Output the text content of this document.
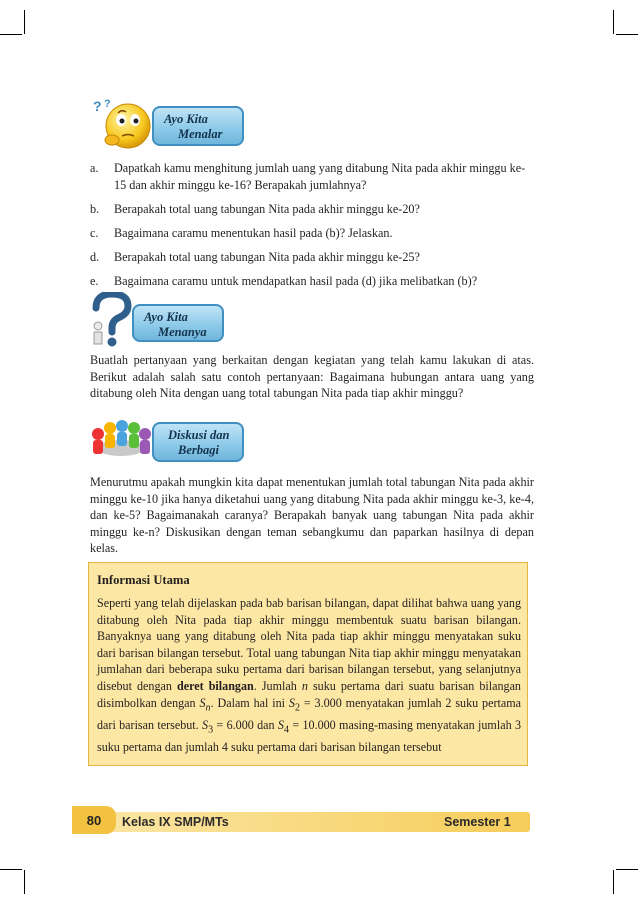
Ayo Kita
Menalar
? ?
a. Dapatkah kamu menghitung jumlah uang yang ditabung Nita pada akhir minggu ke-15 dan akhir minggu ke-16? Berapakah jumlahnya?
b. Berapakah total uang tabungan Nita pada akhir minggu ke-20?
c. Bagaimana caramu menentukan hasil pada (b)? Jelaskan.
d. Berapakah total uang tabungan Nita pada akhir minggu ke-25?
e. Bagaimana caramu untuk mendapatkan hasil pada (d) jika melibatkan (b)?
Ayo Kita
Menanya

Buatlah pertanyaan yang berkaitan dengan kegiatan yang telah kamu lakukan di atas. Berikut adalah salah satu contoh pertanyaan: Bagaimana hubungan antara uang yang ditabung oleh Nita dengan uang total tabungan Nita pada tiap akhir minggu?

Diskusi dan
Berbagi

Menurutmu apakah mungkin kita dapat menentukan jumlah total tabungan Nita pada akhir minggu ke-10 jika hanya diketahui uang yang ditabung Nita pada akhir minggu ke-3, ke-4, dan ke-5? Bagaimanakah caranya? Berapakah banyak uang tabungan Nita pada akhir minggu ke-n? Diskusikan dengan teman sebangkumu dan paparkan hasilnya di depan kelas.

Informasi Utama

Seperti yang telah dijelaskan pada bab barisan bilangan, dapat dilihat bahwa uang yang ditabung oleh Nita pada tiap akhir minggu membentuk suatu barisan bilangan. Banyaknya uang yang ditabung oleh Nita pada tiap akhir minggu menyatakan suku dari barisan bilangan tersebut. Total uang tabungan Nita tiap akhir minggu menyatakan jumlahan dari beberapa suku pertama dari barisan bilangan tersebut, yang selanjutnya disebut dengan deret bilangan. Jumlah n suku pertama dari suatu barisan bilangan disimbolkan dengan $S_n$. Dalam hal ini $S_2 = 3.000$ menyatakan jumlah 2 suku pertama dari barisan tersebut. $S_3 = 6.000$ dan $S_4 = 10.000$ masing-masing menyatakan jumlah 3 suku pertama dan jumlah 4 suku pertama dari barisan bilangan tersebut

80	Kelas IX SMP/MTs	Semester 1
